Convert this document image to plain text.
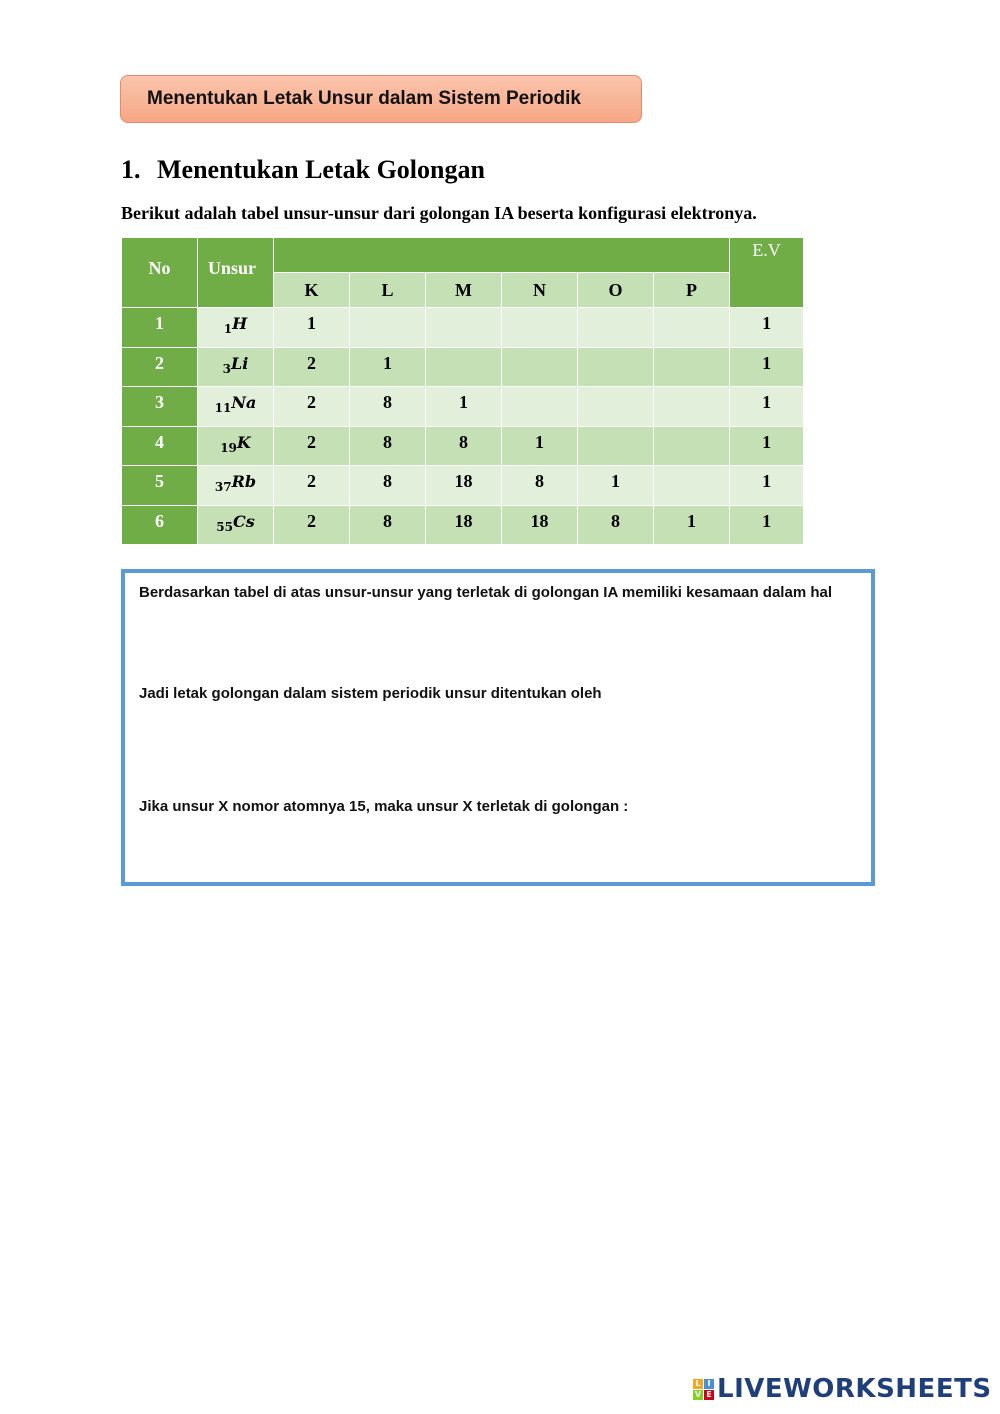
Menentukan Letak Unsur dalam Sistem Periodik
1. Menentukan Letak Golongan

Berikut adalah tabel unsur-unsur dari golongan IA beserta konfigurasi elektronya.

No	Unsur							E.V
		K	L	M	N	O	P	
1	$_1$H	1						1
2	$_3$Li	2	1					1
3	$_{11}$Na	2	8	1				1
4	$_{19}$K	2	8	8	1			1
5	$_{37}$Rb	2	8	18	8	1		1
6	$_{55}$Cs	2	8	18	18	8	1	1

Berdasarkan tabel di atas unsur-unsur yang terletak di golongan IA memiliki kesamaan dalam hal

Jadi letak golongan dalam sistem periodik unsur ditentukan oleh

Jika unsur X nomor atomnya 15, maka unsur X terletak di golongan :

L I
V E LIVEWORKSHEETS
